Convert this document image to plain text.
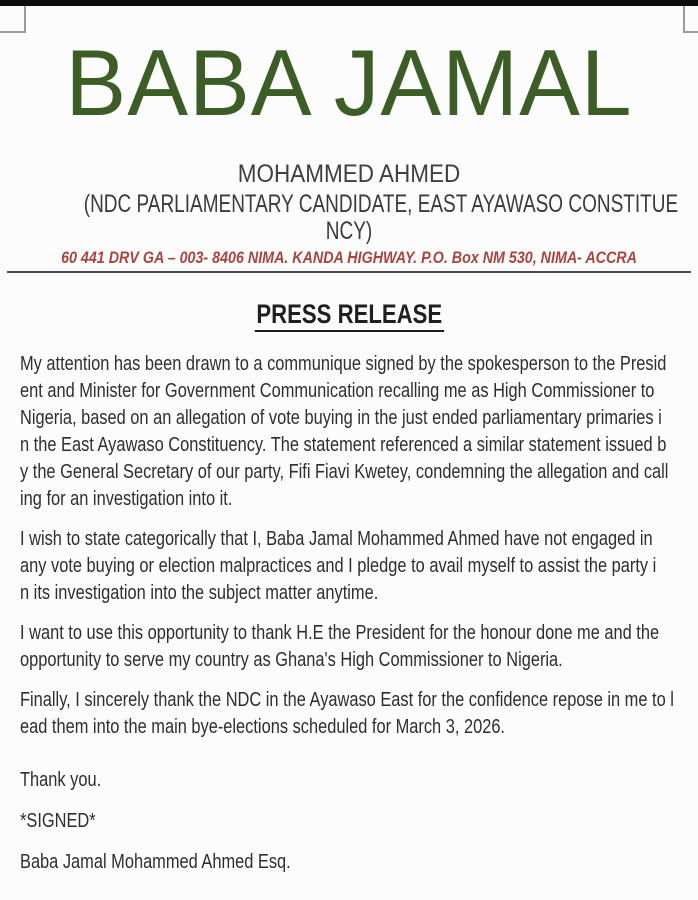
BABA JAMAL
MOHAMMED AHMED
(NDC PARLIAMENTARY CANDIDATE, EAST AYAWASO CONSTITUE
NCY)
60 441 DRV GA – 003- 8406 NIMA. KANDA HIGHWAY. P.O. Box NM 530, NIMA- ACCRA
PRESS RELEASE
My attention has been drawn to a communique signed by the spokesperson to the Presid
ent and Minister for Government Communication recalling me as High Commissioner to
Nigeria, based on an allegation of vote buying in the just ended parliamentary primaries i
n the East Ayawaso Constituency. The statement referenced a similar statement issued b
y the General Secretary of our party, Fifi Fiavi Kwetey, condemning the allegation and call
ing for an investigation into it.
I wish to state categorically that I, Baba Jamal Mohammed Ahmed have not engaged in
any vote buying or election malpractices and I pledge to avail myself to assist the party i
n its investigation into the subject matter anytime.
I want to use this opportunity to thank H.E the President for the honour done me and the
opportunity to serve my country as Ghana's High Commissioner to Nigeria.
Finally, I sincerely thank the NDC in the Ayawaso East for the confidence repose in me to l
ead them into the main bye-elections scheduled for March 3, 2026.
Thank you.
*SIGNED*
Baba Jamal Mohammed Ahmed Esq.
